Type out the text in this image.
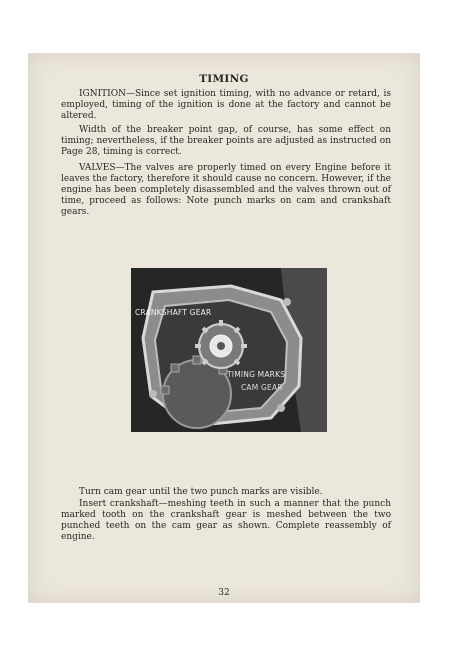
TIMING

IGNITION—Since set ignition timing, with no advance or retard, is employed, timing of the ignition is done at the factory and cannot be altered.

Width of the breaker point gap, of course, has some effect on timing; nevertheless, if the breaker points are adjusted as instructed on Page 28, timing is correct.

VALVES—The valves are properly timed on every Engine before it leaves the factory, therefore it should cause no concern. However, if the engine has been completely disassembled and the valves thrown out of time, proceed as follows: Note punch marks on cam and crankshaft gears.

CRANKSHAFT GEAR
TIMING MARKS
CAM GEAR

Turn cam gear until the two punch marks are visible.

Insert crankshaft—meshing teeth in such a manner that the punch marked tooth on the crankshaft gear is meshed between the two punched teeth on the cam gear as shown. Complete reassembly of engine.

32
